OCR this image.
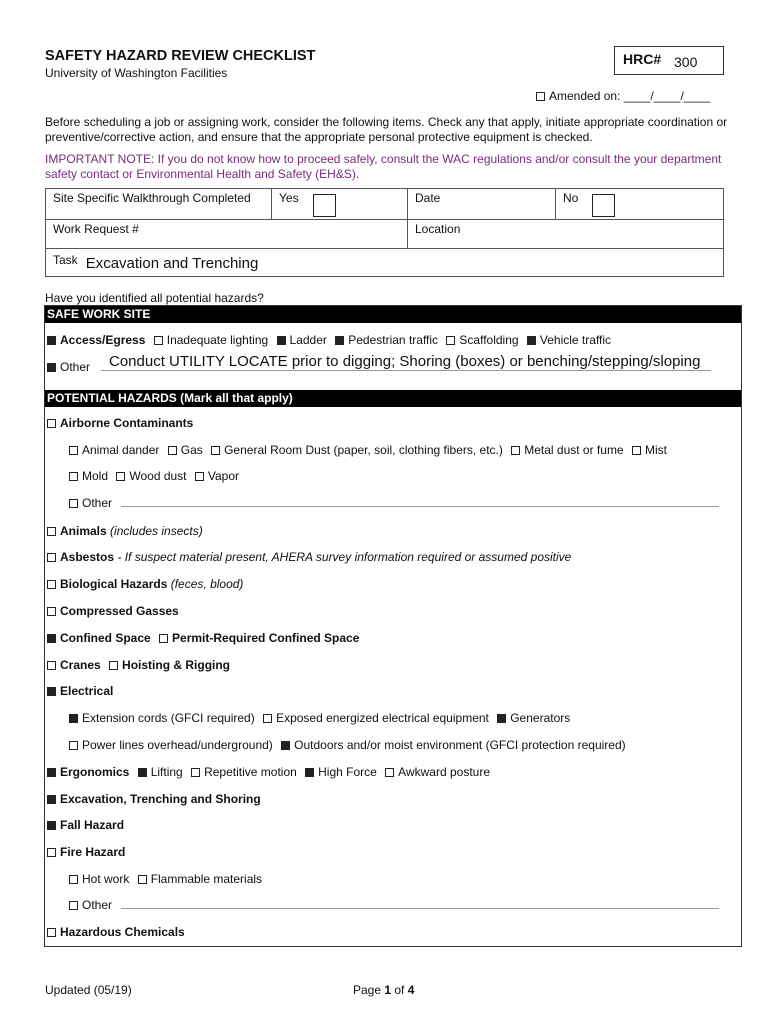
SAFETY HAZARD REVIEW CHECKLIST
University of Washington Facilities
HRC# 300
Amended on: ____/____/____
Before scheduling a job or assigning work, consider the following items. Check any that apply, initiate appropriate coordination or preventive/corrective action, and ensure that the appropriate personal protective equipment is checked.
IMPORTANT NOTE: If you do not know how to proceed safely, consult the WAC regulations and/or consult the your department safety contact or Environmental Health and Safety (EH&S).
Site Specific Walkthrough Completed	Yes	Date	No
Work Request #		Location	
Task Excavation and Trenching			
Have you identified all potential hazards?
SAFE WORK SITE
Access/Egress Inadequate lighting Ladder Pedestrian traffic Scaffolding Vehicle traffic
Other Conduct UTILITY LOCATE prior to digging; Shoring (boxes) or benching/stepping/sloping
POTENTIAL HAZARDS (Mark all that apply)
Airborne Contaminants
Animal dander Gas General Room Dust (paper, soil, clothing fibers, etc.) Metal dust or fume Mist
Mold Wood dust Vapor
Other
Animals (includes insects)
Asbestos - If suspect material present, AHERA survey information required or assumed positive
Biological Hazards (feces, blood)
Compressed Gasses
Confined Space Permit-Required Confined Space
Cranes Hoisting & Rigging
Electrical
Extension cords (GFCI required) Exposed energized electrical equipment Generators
Power lines overhead/underground) Outdoors and/or moist environment (GFCI protection required)
Ergonomics Lifting Repetitive motion High Force Awkward posture
Excavation, Trenching and Shoring
Fall Hazard
Fire Hazard
Hot work Flammable materials
Other
Hazardous Chemicals
Updated (05/19)	Page 1 of 4
